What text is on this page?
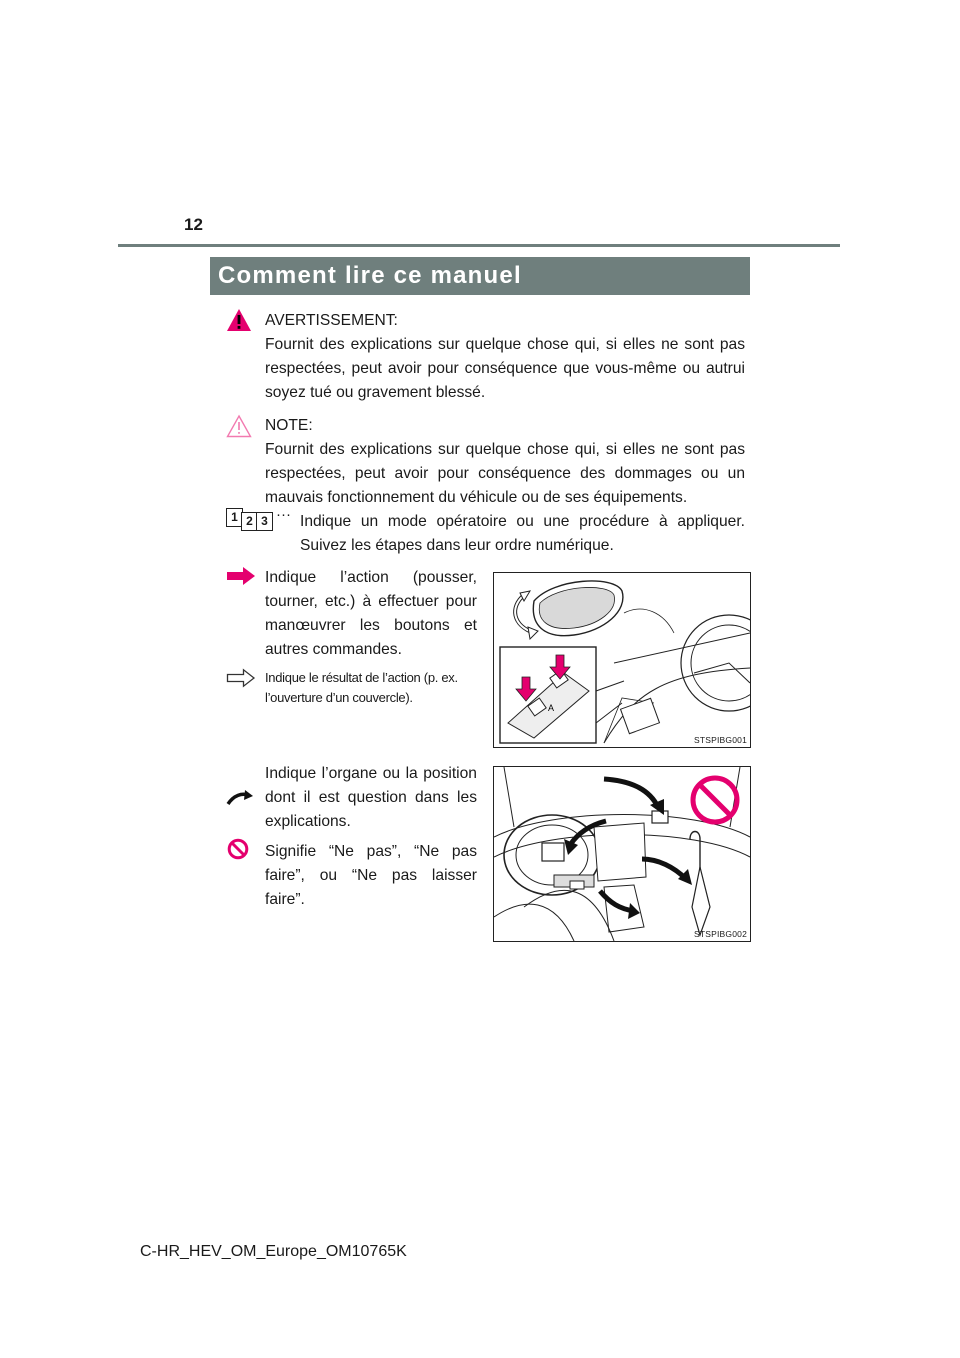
12
Comment lire ce manuel
AVERTISSEMENT:
Fournit des explications sur quelque chose qui, si elles ne sont pas respectées, peut avoir pour conséquence que vous-même ou autrui soyez tué ou gravement blessé.
NOTE:
Fournit des explications sur quelque chose qui, si elles ne sont pas respectées, peut avoir pour conséquence des dommages ou un mauvais fonctionnement du véhicule ou de ses équipements.
1 2 3 ··· Indique un mode opératoire ou une procédure à appliquer. Suivez les étapes dans leur ordre numérique.
Indique l’action (pousser, tourner, etc.) à effectuer pour manœuvrer les boutons et autres commandes.
Indique le résultat de l’action (p. ex. l’ouverture d’un couvercle).
A
STSPIBG001
Indique l’organe ou la position dont il est question dans les explications.
Signifie “Ne pas”, “Ne pas faire”, ou “Ne pas laisser faire”.
STSPIBG002
C-HR_HEV_OM_Europe_OM10765K
